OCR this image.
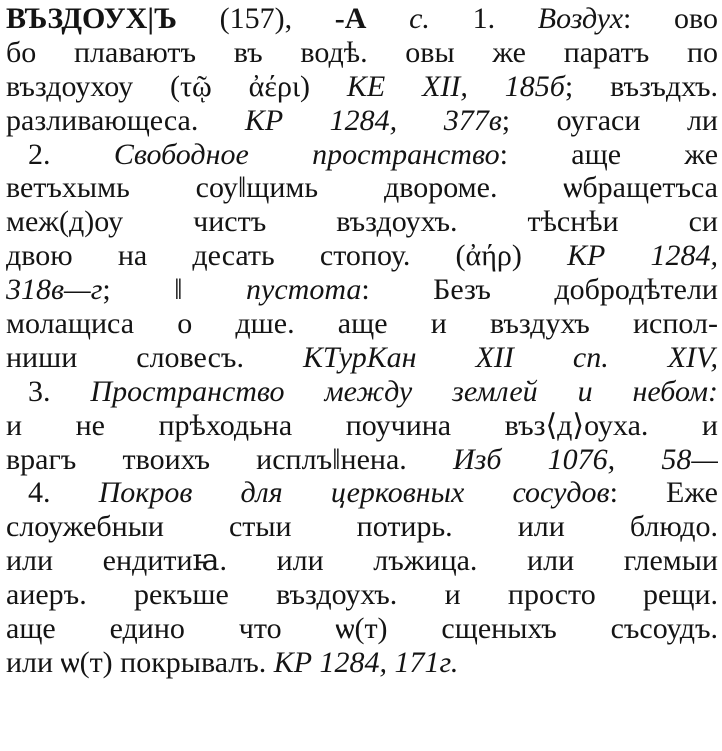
ВЪЗДОУХ|Ъ (157), -А с. 1. Воздух: ово
бо плаваютъ въ водѣ. овы же паратъ по
въздоухоу (τῷ ἀέρι) КЕ XII, 185б; възъдхъ.
разливающеса. КР 1284, 377в; оугаси ли
2. Свободное пространство: аще же
ветъхымь соу‖щимь двороме. ѡбращетъса
меж(д)оу чистъ въздоухъ. тѣснѣи си
двою на десать стопоу. (ἀήρ) КР 1284,
318в—г; ‖ пустота: Безъ добродѣтели
молащиса о дше. аще и въздухъ испол-
ниши словесъ. КТурКан XII сп. XIV,
3. Пространство между землей и небом:
и не прѣходьна поучина въз⟨д⟩оуха. и
врагъ твоихъ исплъ‖нена. Изб 1076, 58—
4. Покров для церковных сосудов: Еже
слоужебныи стыи потирь. или блюдо.
или ендитиꙗ. или лъжица. или глемыи
аиеръ. рекъше въздоухъ. и просто рещи.
аще едино что ѡ(т) сщеныхъ съсоудъ.
или ѡ(т) покрывалъ. КР 1284, 171г.
